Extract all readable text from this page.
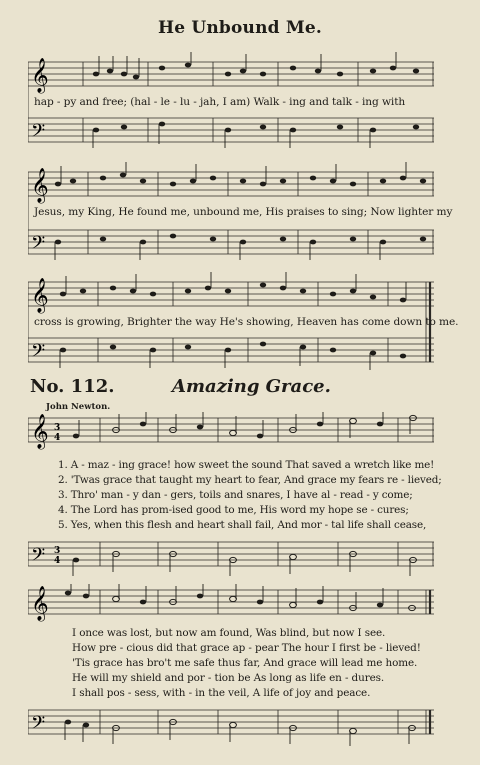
He Unbound Me.
𝄞
𝄢
hap - py and free; (hal - le - lu - jah, I am) Walk - ing and talk - ing with
𝄞
𝄢
Jesus, my King, He found me, unbound me, His praises to sing; Now lighter my
𝄞
𝄢
cross is growing, Brighter the way He's showing, Heaven has come down to me.
No. 112.	Amazing Grace.
John Newton.
𝄞 3
4
1. A - maz - ing grace! how sweet the sound That saved a wretch like me!
2. 'Twas grace that taught my heart to fear, And grace my fears re - lieved;
3. Thro' man - y dan - gers, toils and snares, I have al - read - y come;
4. The Lord has prom-ised good to me, His word my hope se - cures;
5. Yes, when this flesh and heart shall fail, And mor - tal life shall cease,
𝄢 3
4
𝄞
I once was lost, but now am found, Was blind, but now I see.
How pre - cious did that grace ap - pear The hour I first be - lieved!
'Tis grace has bro't me safe thus far, And grace will lead me home.
He will my shield and por - tion be As long as life en - dures.
I shall pos - sess, with - in the veil, A life of joy and peace.
𝄢
